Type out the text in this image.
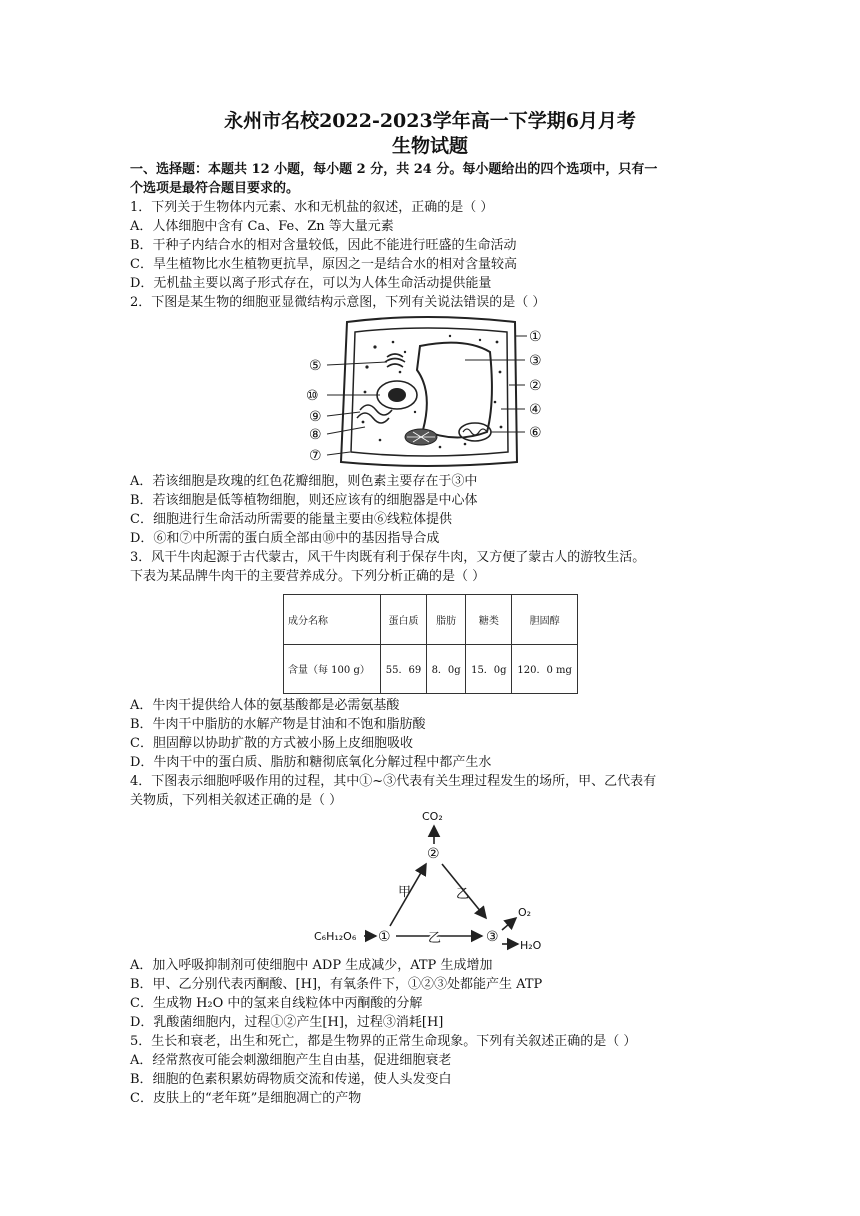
永州市名校2022-2023学年高一下学期6月月考
生物试题
一、选择题：本题共 12 小题，每小题 2 分，共 24 分。每小题给出的四个选项中，只有一
个选项是最符合题目要求的。
1．下列关于生物体内元素、水和无机盐的叙述，正确的是（ ）
A．人体细胞中含有 Ca、Fe、Zn 等大量元素
B．干种子内结合水的相对含量较低，因此不能进行旺盛的生命活动
C．旱生植物比水生植物更抗旱，原因之一是结合水的相对含量较高
D．无机盐主要以离子形式存在，可以为人体生命活动提供能量
2．下图是某生物的细胞亚显微结构示意图，下列有关说法错误的是（ ）
①
②
③
④
⑤
⑥
⑦
⑧
⑨
⑩
A．若该细胞是玫瑰的红色花瓣细胞，则色素主要存在于③中
B．若该细胞是低等植物细胞，则还应该有的细胞器是中心体
C．细胞进行生命活动所需要的能量主要由⑥线粒体提供
D．⑥和⑦中所需的蛋白质全部由⑩中的基因指导合成
3．风干牛肉起源于古代蒙古，风干牛肉既有利于保存牛肉，又方便了蒙古人的游牧生活。
下表为某品牌牛肉干的主要营养成分。下列分析正确的是（ ）
成分名称	蛋白质	脂肪	糖类	胆固醇
含量（每 100 g）	55．69	8．0g	15．0g	120．0 mg
A．牛肉干提供给人体的氨基酸都是必需氨基酸
B．牛肉干中脂肪的水解产物是甘油和不饱和脂肪酸
C．胆固醇以协助扩散的方式被小肠上皮细胞吸收
D．牛肉干中的蛋白质、脂肪和糖彻底氧化分解过程中都产生水
4．下图表示细胞呼吸作用的过程，其中①~③代表有关生理过程发生的场所，甲、乙代表有
关物质，下列相关叙述正确的是（ ）
CO₂
O₂
H₂O
C₆H₁₂O₆ ①
②
③
甲	乙
乙
A．加入呼吸抑制剂可使细胞中 ADP 生成减少，ATP 生成增加
B．甲、乙分别代表丙酮酸、[H]，有氧条件下，①②③处都能产生 ATP
C．生成物 H₂O 中的氢来自线粒体中丙酮酸的分解
D．乳酸菌细胞内，过程①②产生[H]，过程③消耗[H]
5．生长和衰老，出生和死亡，都是生物界的正常生命现象。下列有关叙述正确的是（ ）
A．经常熬夜可能会刺激细胞产生自由基，促进细胞衰老
B．细胞的色素积累妨碍物质交流和传递，使人头发变白
C．皮肤上的“老年斑”是细胞凋亡的产物
